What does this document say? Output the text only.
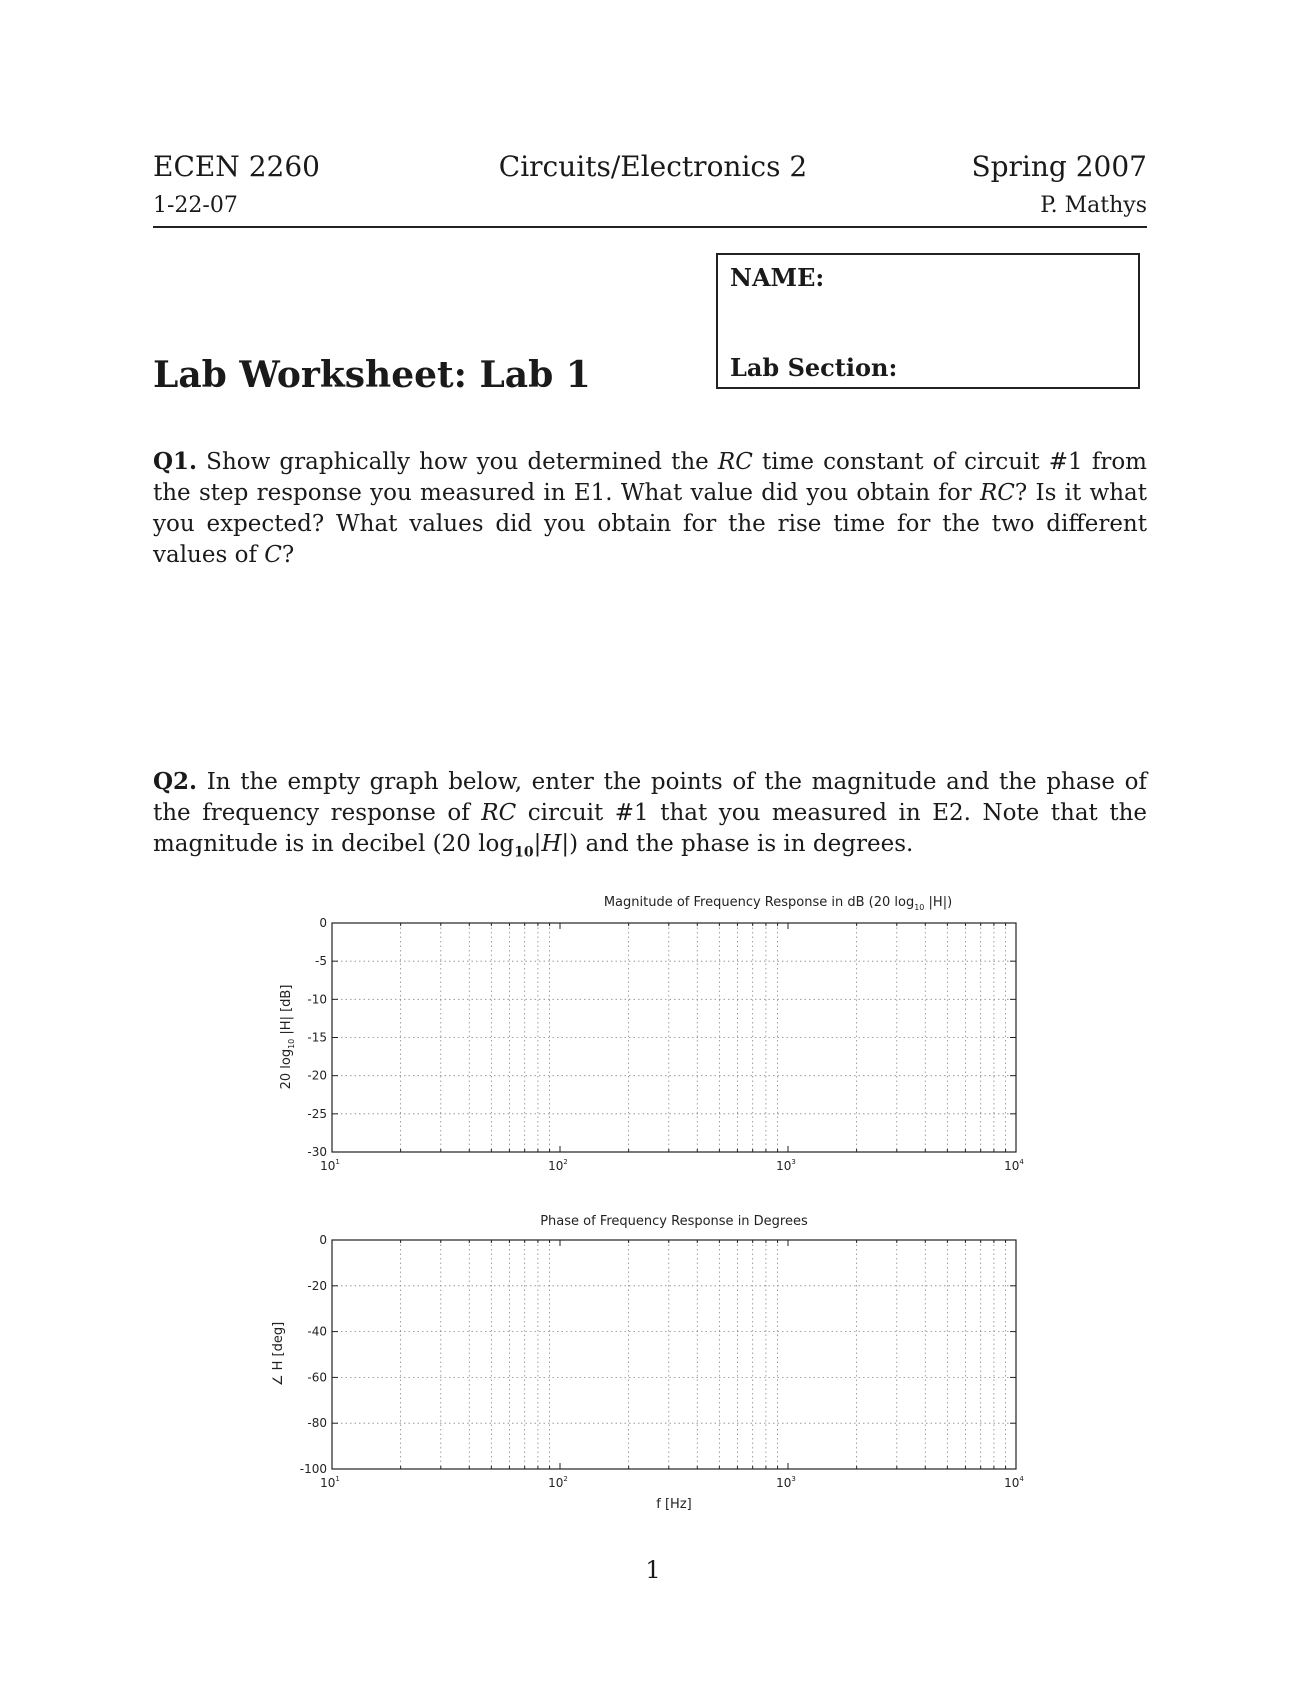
ECEN 2260	Circuits/Electronics 2	Spring 2007
1-22-07	P. Mathys
NAME:
Lab Section:
Lab Worksheet: Lab 1

Q1. Show graphically how you determined the RC time constant of circuit #1 from the step response you measured in E1. What value did you obtain for RC? Is it what you expected? What values did you obtain for the rise time for the two different values of C?

Q2. In the empty graph below, enter the points of the magnitude and the phase of the frequency response of RC circuit #1 that you measured in E2. Note that the magnitude is in decibel (20 $\log_{10}|H|$) and the phase is in degrees.

Magnitude of Frequency Response in dB (20 $\log_{10} |H|$)
$10^1$	$10^2$	$10^3$	$10^4$
0
-5
-10
-15
-20
-25
-30
20 $\log_{10} |H|$ [dB]
Phase of Frequency Response in Degrees
$10^1$	$10^2$	$10^3$	$10^4$
0
-20
-40
-60
-80
-100
∠ H [deg]
f [Hz]
1
